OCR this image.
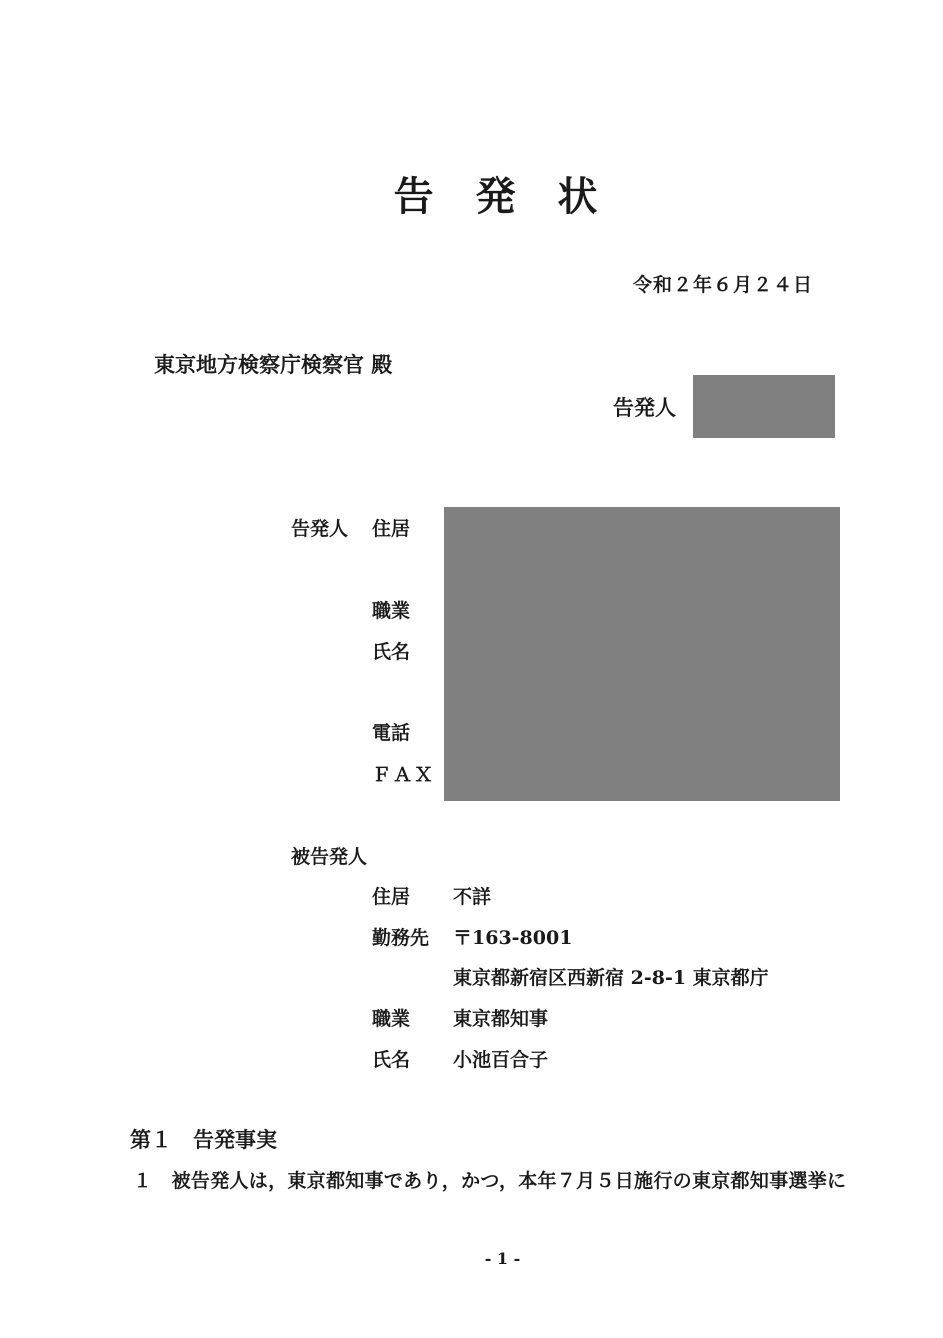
告 発 状
令和２年６月２４日
東京地方検察庁検察官 殿
告発人
告発人 住居
職業
氏名
電話
ＦＡＸ
被告発人
住居 不詳
勤務先 〒163-8001
東京都新宿区西新宿 2-8-1 東京都庁
職業 東京都知事
氏名 小池百合子
第１　告発事実
１　被告発人は，東京都知事であり，かつ，本年７月５日施行の東京都知事選挙に
- 1 -
